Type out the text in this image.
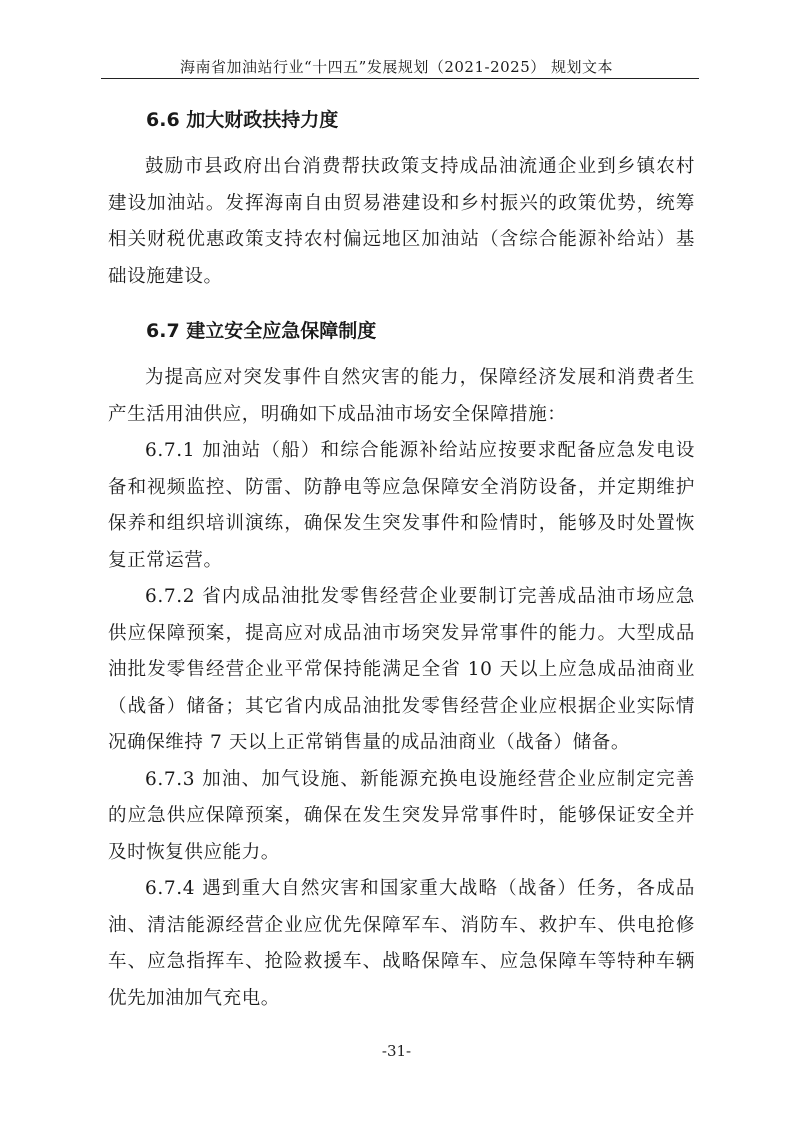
海南省加油站行业“十四五”发展规划（2021-2025） 规划文本
6.6 加大财政扶持力度

鼓励市县政府出台消费帮扶政策支持成品油流通企业到乡镇农村建设加油站。发挥海南自由贸易港建设和乡村振兴的政策优势，统筹相关财税优惠政策支持农村偏远地区加油站（含综合能源补给站）基础设施建设。

6.7 建立安全应急保障制度

为提高应对突发事件自然灾害的能力，保障经济发展和消费者生产生活用油供应，明确如下成品油市场安全保障措施：

6.7.1 加油站（船）和综合能源补给站应按要求配备应急发电设备和视频监控、防雷、防静电等应急保障安全消防设备，并定期维护保养和组织培训演练，确保发生突发事件和险情时，能够及时处置恢复正常运营。

6.7.2 省内成品油批发零售经营企业要制订完善成品油市场应急供应保障预案，提高应对成品油市场突发异常事件的能力。大型成品油批发零售经营企业平常保持能满足全省 10 天以上应急成品油商业（战备）储备；其它省内成品油批发零售经营企业应根据企业实际情况确保维持 7 天以上正常销售量的成品油商业（战备）储备。

6.7.3 加油、加气设施、新能源充换电设施经营企业应制定完善的应急供应保障预案，确保在发生突发异常事件时，能够保证安全并及时恢复供应能力。

6.7.4 遇到重大自然灾害和国家重大战略（战备）任务，各成品油、清洁能源经营企业应优先保障军车、消防车、救护车、供电抢修车、应急指挥车、抢险救援车、战略保障车、应急保障车等特种车辆优先加油加气充电。

-31-
